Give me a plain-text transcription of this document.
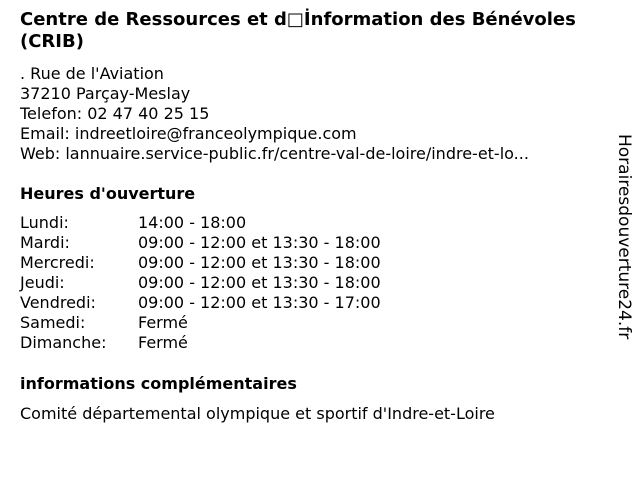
Centre de Ressources et d□İnformation des Bénévoles (CRIB)
. Rue de l'Aviation
37210 Parçay-Meslay
Telefon: 02 47 40 25 15
Email: indreetloire@franceolympique.com
Web: lannuaire.service-public.fr/centre-val-de-loire/indre-et-lo...
Heures d'ouverture
Lundi:	14:00 - 18:00
Mardi:	09:00 - 12:00 et 13:30 - 18:00
Mercredi:	09:00 - 12:00 et 13:30 - 18:00
Jeudi:	09:00 - 12:00 et 13:30 - 18:00
Vendredi:	09:00 - 12:00 et 13:30 - 17:00
Samedi:	Fermé
Dimanche: Fermé
informations complémentaires
Comité départemental olympique et sportif d'Indre-et-Loire
Horairesdouverture24.fr
